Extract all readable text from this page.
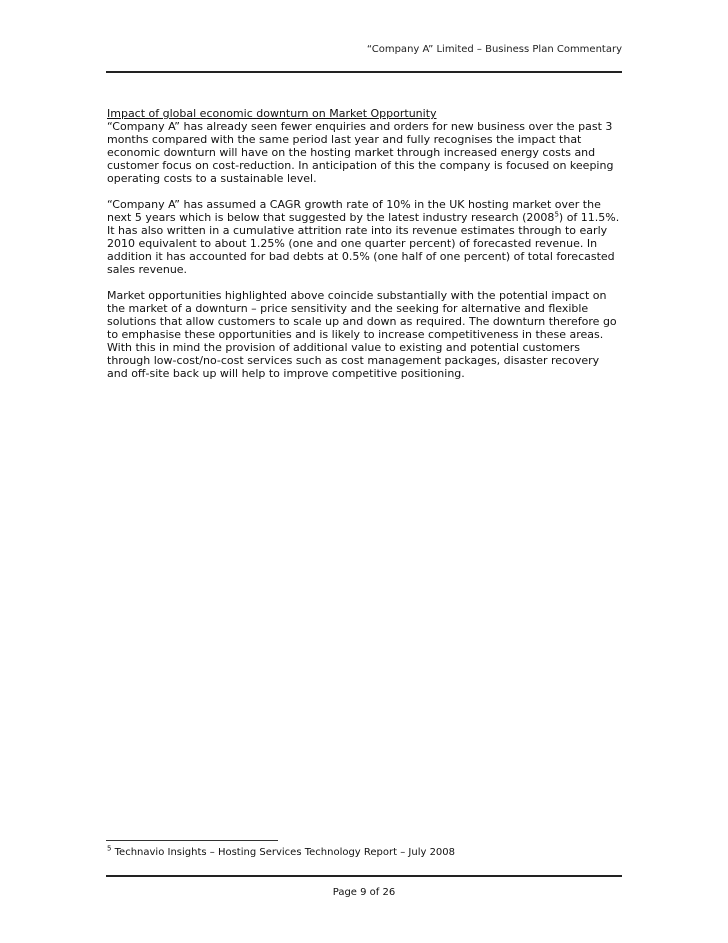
“Company A” Limited – Business Plan Commentary
Impact of global economic downturn on Market Opportunity

“Company A” has already seen fewer enquiries and orders for new business over the past 3 months compared with the same period last year and fully recognises the impact that economic downturn will have on the hosting market through increased energy costs and customer focus on cost-reduction. In anticipation of this the company is focused on keeping operating costs to a sustainable level.

“Company A” has assumed a CAGR growth rate of 10% in the UK hosting market over the next 5 years which is below that suggested by the latest industry research (2008$^5$) of 11.5%. It has also written in a cumulative attrition rate into its revenue estimates through to early 2010 equivalent to about 1.25% (one and one quarter percent) of forecasted revenue. In addition it has accounted for bad debts at 0.5% (one half of one percent) of total forecasted sales revenue.

Market opportunities highlighted above coincide substantially with the potential impact on the market of a downturn – price sensitivity and the seeking for alternative and flexible solutions that allow customers to scale up and down as required. The downturn therefore go to emphasise these opportunities and is likely to increase competitiveness in these areas. With this in mind the provision of additional value to existing and potential customers through low-cost/no-cost services such as cost management packages, disaster recovery and off-site back up will help to improve competitive positioning.

$^5$ Technavio Insights – Hosting Services Technology Report – July 2008
Page 9 of 26
